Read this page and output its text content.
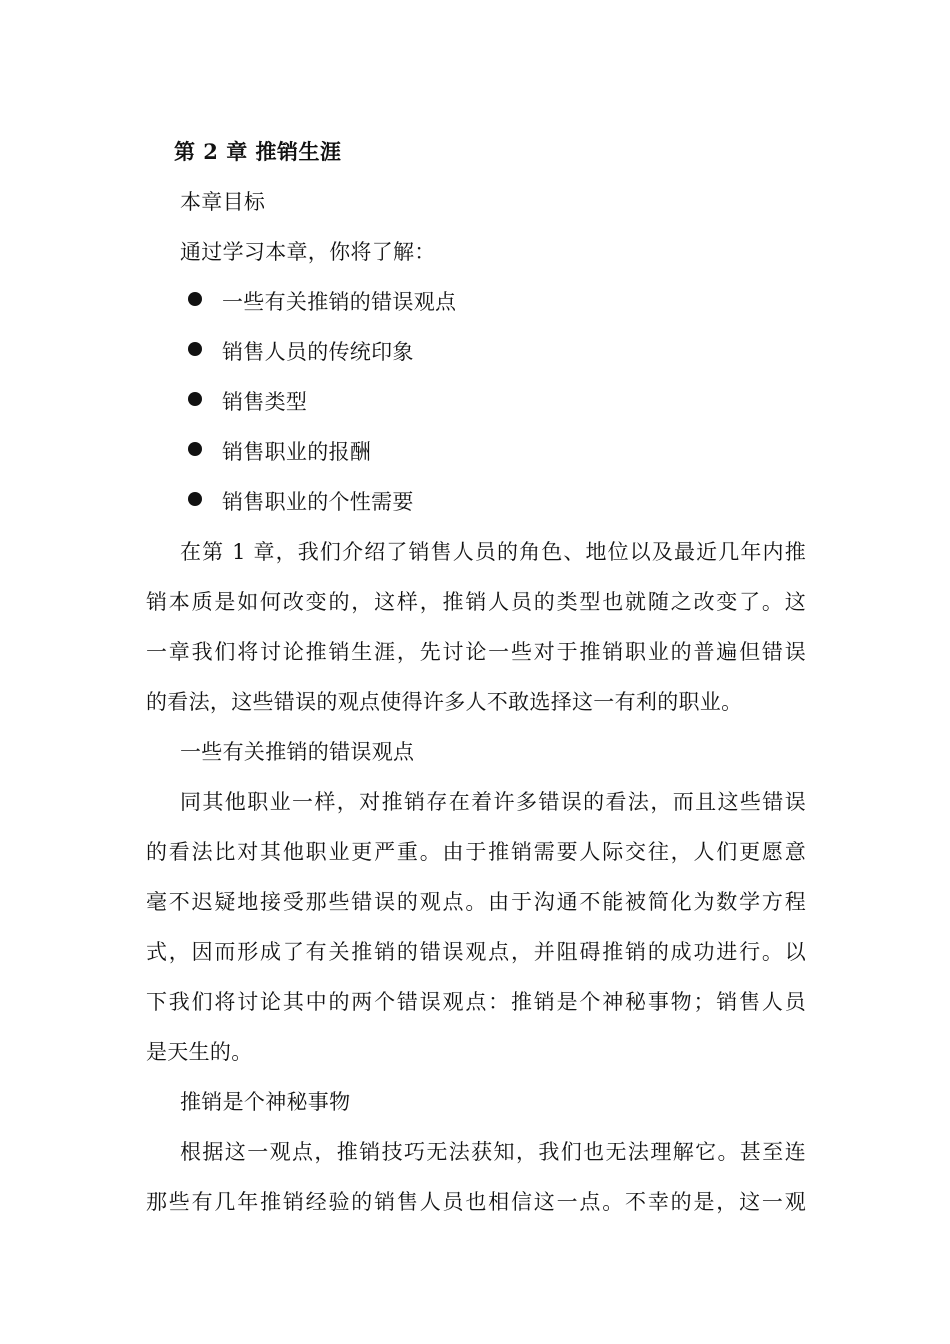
第 2 章 推销生涯
本章目标
通过学习本章，你将了解：
一些有关推销的错误观点
销售人员的传统印象
销售类型
销售职业的报酬
销售职业的个性需要
在第 1 章，我们介绍了销售人员的角色、地位以及最近几年内推
销本质是如何改变的，这样，推销人员的类型也就随之改变了。这
一章我们将讨论推销生涯，先讨论一些对于推销职业的普遍但错误
的看法，这些错误的观点使得许多人不敢选择这一有利的职业。
一些有关推销的错误观点
同其他职业一样，对推销存在着许多错误的看法，而且这些错误
的看法比对其他职业更严重。由于推销需要人际交往，人们更愿意
毫不迟疑地接受那些错误的观点。由于沟通不能被简化为数学方程
式，因而形成了有关推销的错误观点，并阻碍推销的成功进行。以
下我们将讨论其中的两个错误观点：推销是个神秘事物；销售人员
是天生的。
推销是个神秘事物
根据这一观点，推销技巧无法获知，我们也无法理解它。甚至连
那些有几年推销经验的销售人员也相信这一点。不幸的是，这一观
